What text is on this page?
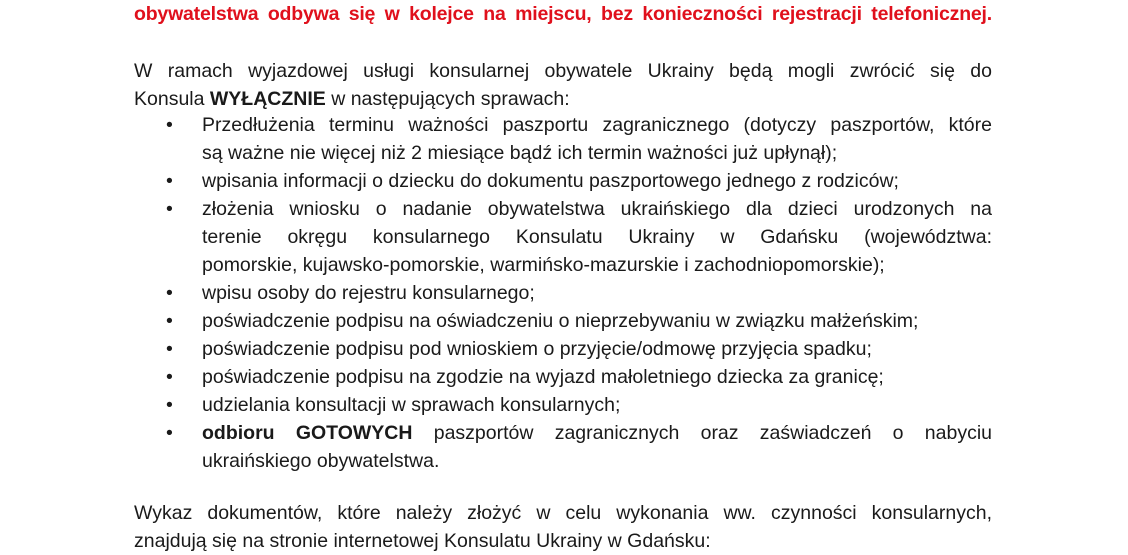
obywatelstwa odbywa się w kolejce na miejscu, bez konieczności rejestracji telefonicznej.
W ramach wyjazdowej usługi konsularnej obywatele Ukrainy będą mogli zwrócić się do
Konsula WYŁĄCZNIE w następujących sprawach:
• Przedłużenia terminu ważności paszportu zagranicznego (dotyczy paszportów, które
są ważne nie więcej niż 2 miesiące bądź ich termin ważności już upłynął);
• wpisania informacji o dziecku do dokumentu paszportowego jednego z rodziców;
• złożenia wniosku o nadanie obywatelstwa ukraińskiego dla dzieci urodzonych na
terenie okręgu konsularnego Konsulatu Ukrainy w Gdańsku (województwa:
pomorskie, kujawsko-pomorskie, warmińsko-mazurskie i zachodniopomorskie);
• wpisu osoby do rejestru konsularnego;
• poświadczenie podpisu na oświadczeniu o nieprzebywaniu w związku małżeńskim;
• poświadczenie podpisu pod wnioskiem o przyjęcie/odmowę przyjęcia spadku;
• poświadczenie podpisu na zgodzie na wyjazd małoletniego dziecka za granicę;
• udzielania konsultacji w sprawach konsularnych;
• odbioru GOTOWYCH paszportów zagranicznych oraz zaświadczeń o nabyciu
ukraińskiego obywatelstwa.
Wykaz dokumentów, które należy złożyć w celu wykonania ww. czynności konsularnych,
znajdują się na stronie internetowej Konsulatu Ukrainy w Gdańsku:
